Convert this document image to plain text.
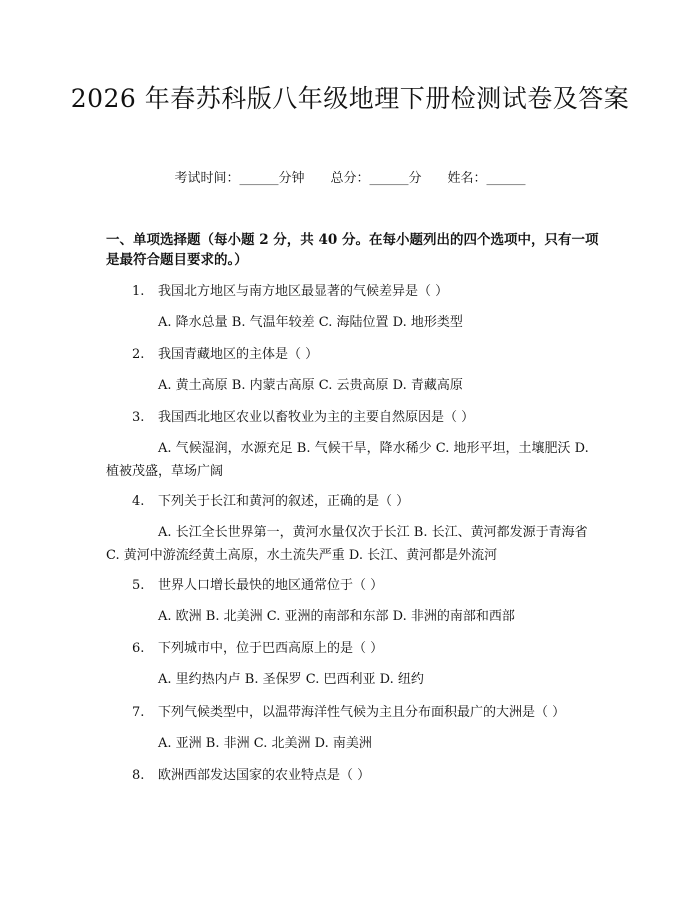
2026 年春苏科版八年级地理下册检测试卷及答案
考试时间：______分钟 总分：______分 姓名：______
一、单项选择题（每小题 2 分，共 40 分。在每小题列出的四个选项中，只有一项是最符合题目要求的。）
1. 我国北方地区与南方地区最显著的气候差异是（ ）
A. 降水总量 B. 气温年较差 C. 海陆位置 D. 地形类型
2. 我国青藏地区的主体是（ ）
A. 黄土高原 B. 内蒙古高原 C. 云贵高原 D. 青藏高原
3. 我国西北地区农业以畜牧业为主的主要自然原因是（ ）
A. 气候湿润，水源充足 B. 气候干旱，降水稀少 C. 地形平坦，土壤肥沃 D. 植被茂盛，草场广阔
4. 下列关于长江和黄河的叙述，正确的是（ ）
A. 长江全长世界第一，黄河水量仅次于长江 B. 长江、黄河都发源于青海省 C. 黄河中游流经黄土高原，水土流失严重 D. 长江、黄河都是外流河
5. 世界人口增长最快的地区通常位于（ ）
A. 欧洲 B. 北美洲 C. 亚洲的南部和东部 D. 非洲的南部和西部
6. 下列城市中，位于巴西高原上的是（ ）
A. 里约热内卢 B. 圣保罗 C. 巴西利亚 D. 纽约
7. 下列气候类型中，以温带海洋性气候为主且分布面积最广的大洲是（ ）
A. 亚洲 B. 非洲 C. 北美洲 D. 南美洲
8. 欧洲西部发达国家的农业特点是（ ）
